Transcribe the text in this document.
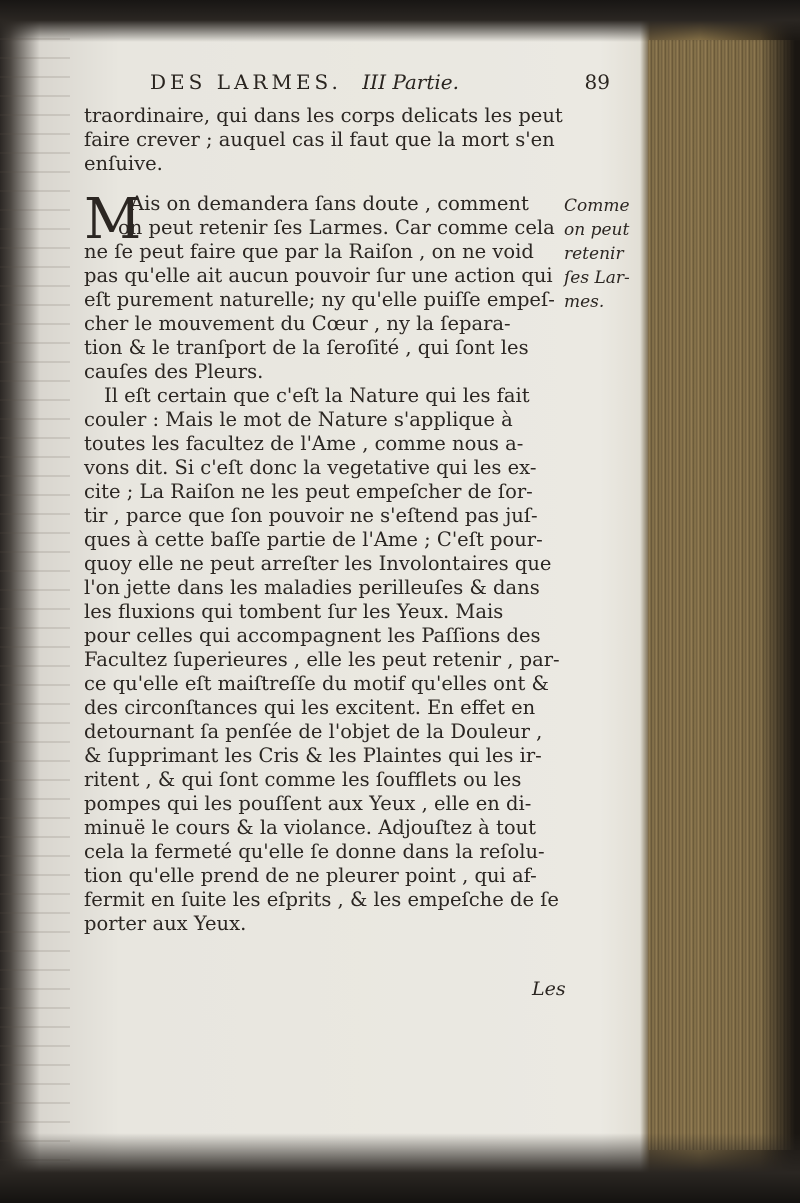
DES LARMES. III Partie.	89
traordinaire, qui dans les corps delicats les peut
faire crever ; auquel cas il faut que la mort s'en
enſuive.
M
Ais on demandera ſans doute , comment
on peut retenir ſes Larmes. Car comme cela
ne ſe peut faire que par la Raiſon , on ne void
pas qu'elle ait aucun pouvoir ſur une action qui
eſt purement naturelle; ny qu'elle puiſſe empeſ-
cher le mouvement du Cœur , ny la ſepara-
tion & le tranſport de la ſeroſité , qui ſont les
cauſes des Pleurs.
Comme
on peut
retenir
ſes Lar-
mes.
Il eſt certain que c'eſt la Nature qui les fait
couler : Mais le mot de Nature s'applique à
toutes les facultez de l'Ame , comme nous a-
vons dit. Si c'eſt donc la vegetative qui les ex-
cite ; La Raiſon ne les peut empeſcher de ſor-
tir , parce que ſon pouvoir ne s'eſtend pas juſ-
ques à cette baſſe partie de l'Ame ; C'eſt pour-
quoy elle ne peut arreſter les Involontaires que
l'on jette dans les maladies perilleuſes & dans
les fluxions qui tombent ſur les Yeux. Mais
pour celles qui accompagnent les Paſſions des
Facultez ſuperieures , elle les peut retenir , par-
ce qu'elle eſt maiſtreſſe du motif qu'elles ont &
des circonſtances qui les excitent. En effet en
detournant ſa penſée de l'objet de la Douleur ,
& ſupprimant les Cris & les Plaintes qui les ir-
ritent , & qui ſont comme les ſoufflets ou les
pompes qui les pouſſent aux Yeux , elle en di-
minuë le cours & la violance. Adjouſtez à tout
cela la fermeté qu'elle ſe donne dans la reſolu-
tion qu'elle prend de ne pleurer point , qui af-
fermit en ſuite les eſprits , & les empeſche de ſe
porter aux Yeux.
Les
